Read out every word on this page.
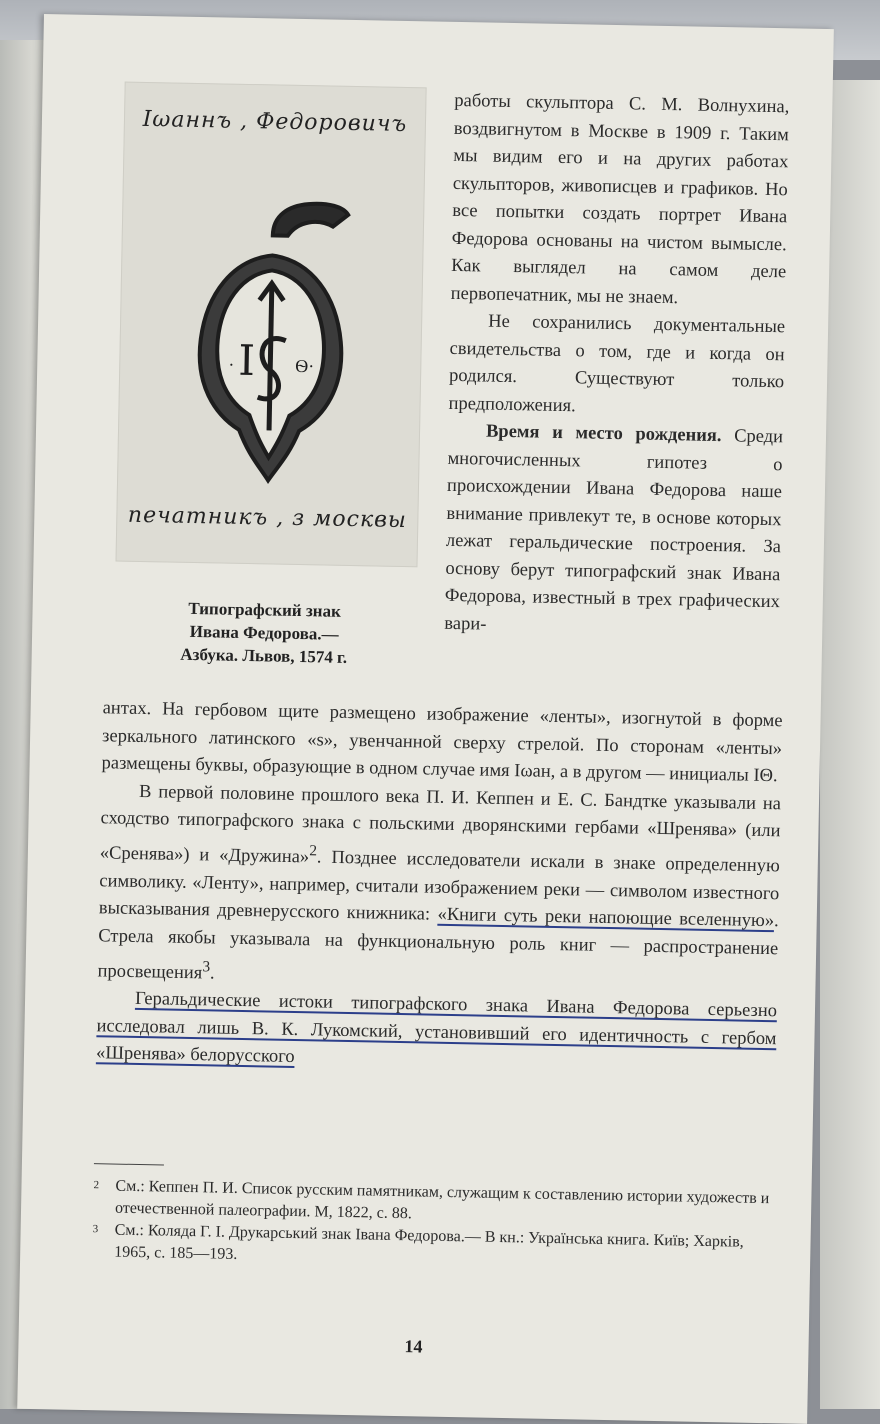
Іωаннъ , Федоровичъ
I
·	Ѳ·
печатникъ , з москвы
Типографский знак
Ивана Федорова.—
Азбука. Львов, 1574 г.

работы скульптора С. М. Волнухина, воздвигнутом в Москве в 1909 г. Таким мы видим его и на других работах скульпторов, живописцев и графиков. Но все попытки создать портрет Ивана Федорова основаны на чистом вымысле. Как выглядел на самом деле первопечатник, мы не знаем.

Не сохранились документальные свидетельства о том, где и когда он родился. Существуют только предположения.

Время и место рождения. Среди многочисленных гипотез о происхождении Ивана Федорова наше внимание привлекут те, в основе которых лежат геральдические построения. За основу берут типографский знак Ивана Федорова, известный в трех графических вари-

антах. На гербовом щите размещено изображение «ленты», изогнутой в форме зеркального латинского «s», увенчанной сверху стрелой. По сторонам «ленты» размещены буквы, образующие в одном случае имя Іωан, а в другом — инициалы ІΘ.

В первой половине прошлого века П. И. Кеппен и Е. С. Бандтке указывали на сходство типографского знака с польскими дворянскими гербами «Шренява» (или «Сренява») и «Дружина»$^2$. Позднее исследователи искали в знаке определенную символику. «Ленту», например, считали изображением реки — символом известного высказывания древнерусского книжника: «Книги суть реки напоющие вселенную». Стрела якобы указывала на функциональную роль книг — распространение просвещения$^3$.

Геральдические истоки типографского знака Ивана Федорова серьезно исследовал лишь В. К. Лукомский, установивший его идентичность с гербом «Шренява» белорусского

2	См.: Кеппен П. И. Список русским памятникам, служащим к составлению истории художеств и отечественной палеографии. М, 1822, с. 88.
3	См.: Коляда Г. І. Друкарський знак Івана Федорова.— В кн.: Українська книга. Київ; Харків, 1965, с. 185—193.
14
